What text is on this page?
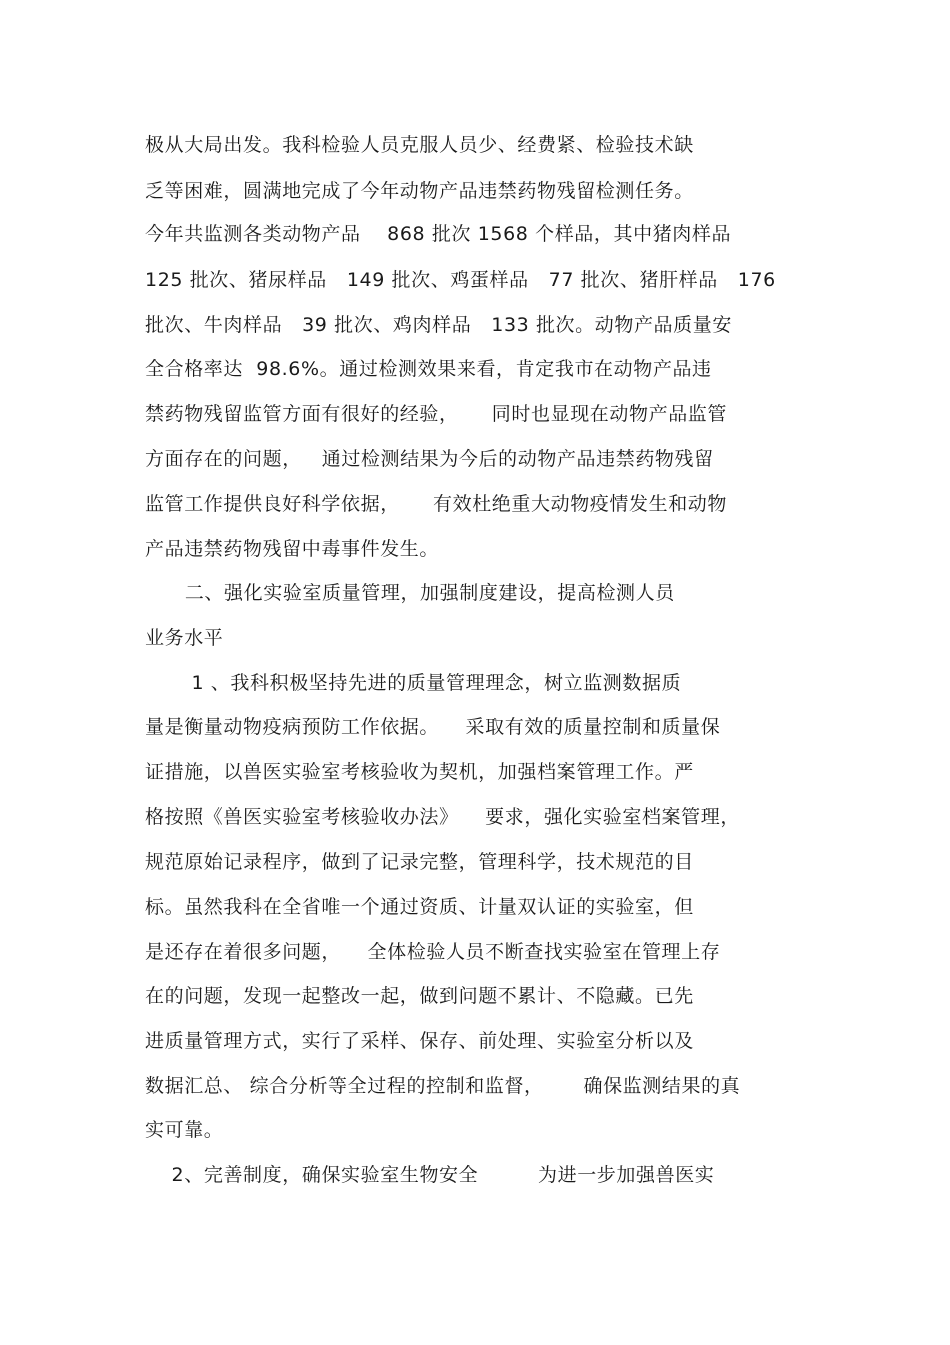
极从大局出发。我科检验人员克服人员少、经费紧、检验技术缺

乏等困难，圆满地完成了今年动物产品违禁药物残留检测任务。

今年共监测各类动物产品    868 批次 1568 个样品，其中猪肉样品

125 批次、猪尿样品   149 批次、鸡蛋样品   77 批次、猪肝样品   176

批次、牛肉样品   39 批次、鸡肉样品   133 批次。动物产品质量安

全合格率达  98.6%。通过检测效果来看，肯定我市在动物产品违

禁药物残留监管方面有很好的经验，     同时也显现在动物产品监管

方面存在的问题，   通过检测结果为今后的动物产品违禁药物残留

监管工作提供良好科学依据，     有效杜绝重大动物疫情发生和动物

产品违禁药物残留中毒事件发生。

二、强化实验室质量管理，加强制度建设，提高检测人员

业务水平

1 、我科积极坚持先进的质量管理理念，树立监测数据质

量是衡量动物疫病预防工作依据。    采取有效的质量控制和质量保

证措施，以兽医实验室考核验收为契机，加强档案管理工作。严

格按照《兽医实验室考核验收办法》    要求，强化实验室档案管理，

规范原始记录程序，做到了记录完整，管理科学，技术规范的目

标。虽然我科在全省唯一个通过资质、计量双认证的实验室，但

是还存在着很多问题，    全体检验人员不断查找实验室在管理上存

在的问题，发现一起整改一起，做到问题不累计、不隐藏。已先

进质量管理方式，实行了采样、保存、前处理、实验室分析以及

数据汇总、 综合分析等全过程的控制和监督，      确保监测结果的真

实可靠。

2、完善制度，确保实验室生物安全         为进一步加强兽医实
